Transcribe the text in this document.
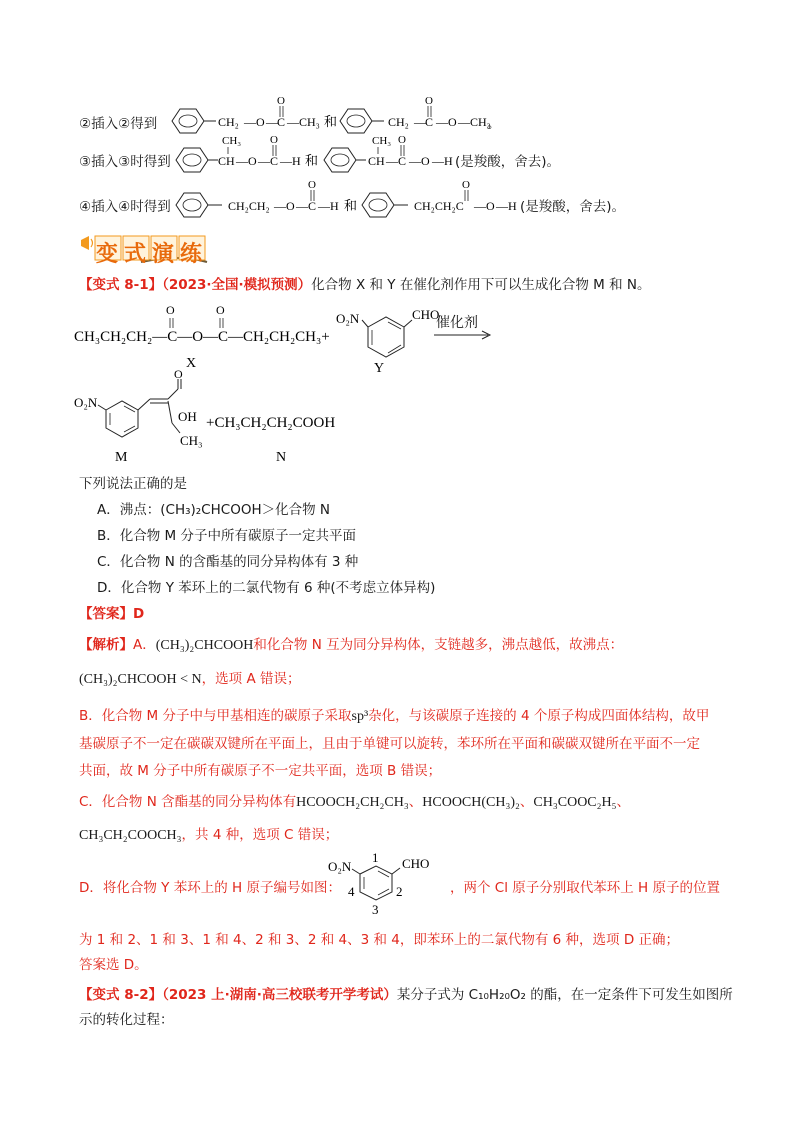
②插入②得到	CH₂ — O — C
O
— CH₃ 和	CH₂ — C
O
— O — CH₃
。
③插入③时得到
CH₃
CH — O — C
O
— H 和
CH₃
CH — C
O
— O — H (是羧酸，舍去)。
④插入④时得到	CH₂CH₂ — O — C
O
— H 和	CH₂CH₂C
O
— O — H (是羧酸，舍去)。
变式演练
【变式 8-1】（2023·全国·模拟预测）化合物 X 和 Y 在催化剂作用下可以生成化合物 M 和 N。
CH₃CH₂CH₂—C—O—C—CH₂CH₂CH₃+
O	O
X
O₂N	CHO
Y
催化剂
O₂N
O
OH
CH₃
M
+CH₃CH₂CH₂COOH
N
下列说法正确的是
A．沸点：(CH₃)₂CHCOOH＞化合物 N
B．化合物 M 分子中所有碳原子一定共平面
C．化合物 N 的含酯基的同分异构体有 3 种
D．化合物 Y 苯环上的二氯代物有 6 种(不考虑立体异构)
【答案】D
【解析】A．(CH₃)₂CHCOOH和化合物 N 互为同分异构体，支链越多，沸点越低，故沸点：
(CH₃)₂CHCOOH < N，选项 A 错误；
B．化合物 M 分子中与甲基相连的碳原子采取sp³杂化，与该碳原子连接的 4 个原子构成四面体结构，故甲
基碳原子不一定在碳碳双键所在平面上，且由于单键可以旋转，苯环所在平面和碳碳双键所在平面不一定
共面，故 M 分子中所有碳原子不一定共平面，选项 B 错误；
C．化合物 N 含酯基的同分异构体有HCOOCH₂CH₂CH₃、HCOOCH(CH₃)₂、CH₃COOC₂H₅、
CH₃CH₂COOCH₃，共 4 种，选项 C 错误；
D．将化合物 Y 苯环上的 H 原子编号如图：
O₂N	CHO
1
2
3
4	，两个 Cl 原子分别取代苯环上 H 原子的位置
为 1 和 2、1 和 3、1 和 4、2 和 3、2 和 4、3 和 4，即苯环上的二氯代物有 6 种，选项 D 正确；
答案选 D。
【变式 8-2】（2023 上·湖南·高三校联考开学考试）某分子式为 C₁₀H₂₀O₂ 的酯，在一定条件下可发生如图所
示的转化过程：
